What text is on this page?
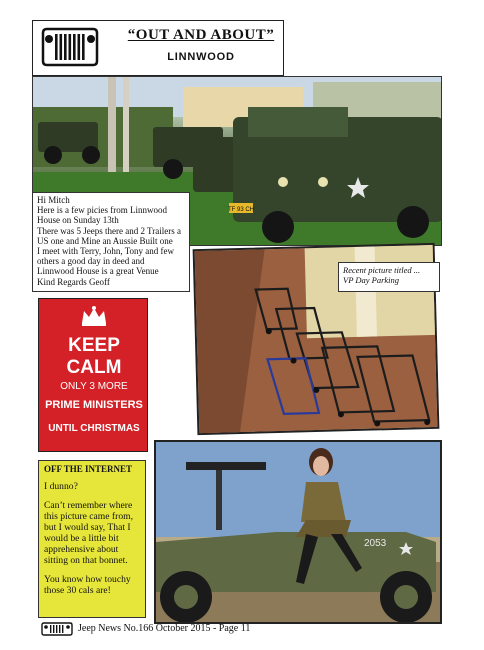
“OUT AND ABOUT”
LINNWOOD
TF 93 CH

Hi Mitch

Here is a few picies from Linnwood

House on Sunday 13th

There was 5 Jeeps there and 2 Trailers a

US one and Mine an Aussie Built one

I meet with Terry, John, Tony and few

others a good day in deed and

Linnwood House is a great Venue

Kind Regards Geoff

Recent picture titled ...
VP Day Parking
KEEP
CALM
ONLY 3 MORE
PRIME MINISTERS
UNTIL CHRISTMAS

OFF THE INTERNET

I dunno?

Can’t remember where this picture came from, but I would say, That I would be a little bit apprehensive about sitting on that bonnet.

You know how touchy those 30 cals are!

2053
Jeep News No.166 October 2015 - Page 11
